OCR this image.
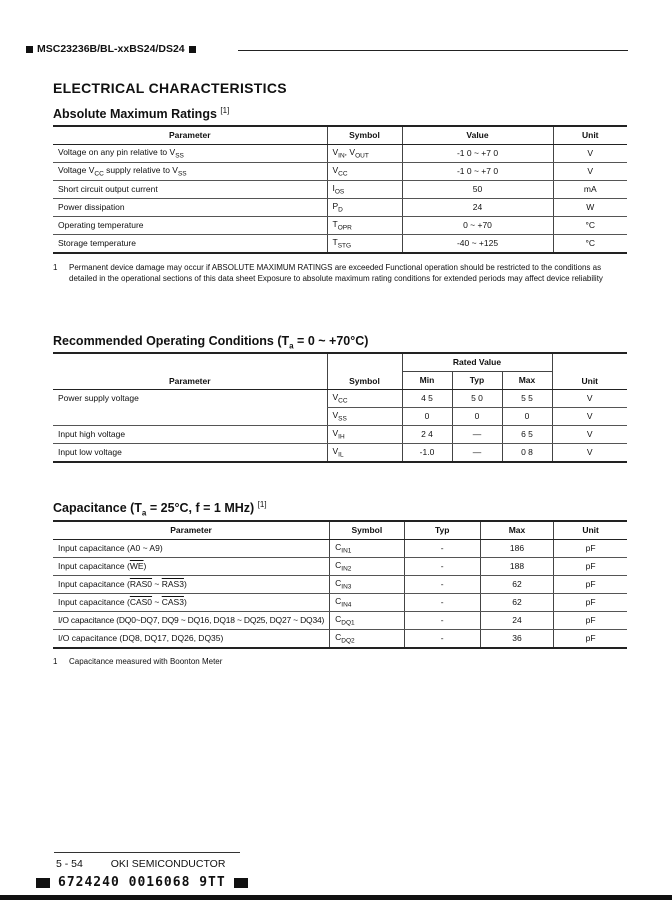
MSC23236B/BL-xxBS24/DS24
ELECTRICAL CHARACTERISTICS
Absolute Maximum Ratings [1]
Parameter	Symbol	Value	Unit
Voltage on any pin relative to $V_{SS}$	$V_{IN}$, $V_{OUT}$	-1 0 ~ +7 0	V
Voltage $V_{CC}$ supply relative to $V_{SS}$	$V_{CC}$	-1 0 ~ +7 0	V
Short circuit output current	$I_{OS}$	50	mA
Power dissipation	$P_D$	24	W
Operating temperature	$T_{OPR}$	0 ~ +70	°C
Storage temperature	$T_{STG}$	-40 ~ +125	°C
1 Permanent device damage may occur if ABSOLUTE MAXIMUM RATINGS are exceeded Functional operation should be restricted to the conditions as detailed in the operational sections of this data sheet Exposure to absolute maximum rating conditions for extended periods may affect device reliability
Recommended Operating Conditions ($T_a = 0$ ~ +70°C)
Parameter	Symbol	Rated Value			Unit
		Min	Typ	Max	
Power supply voltage	$V_{CC}$	4 5	5 0	5 5	V
	$V_{SS}$	0	0	0	V
Input high voltage	$V_{IH}$	2 4	—	6 5	V
Input low voltage	$V_{IL}$	-1.0	—	0 8	V
Capacitance ($T_a = 25^\circ C$, f = 1 MHz) [1]
Parameter	Symbol	Typ	Max	Unit
Input capacitance (A0 ~ A9)	$C_{IN1}$	-	186	pF
Input capacitance $(\overline{WE})$	$C_{IN2}$	-	188	pF
Input capacitance (RAS0 ~ RAS3)	$C_{IN3}$	-	62	pF
Input capacitance (CAS0 ~ CAS3)	$C_{IN4}$	-	62	pF
I/O capacitance (DQ0~DQ7, DQ9 ~ DQ16, DQ18 ~ DQ25, DQ27 ~ DQ34)	$C_{DQ1}$	-	24	pF
I/O capacitance (DQ8, DQ17, DQ26, DQ35)	$C_{DQ2}$	-	36	pF
1 Capacitance measured with Boonton Meter
5 - 54	OKI SEMICONDUCTOR
6724240 0016068 9TT
